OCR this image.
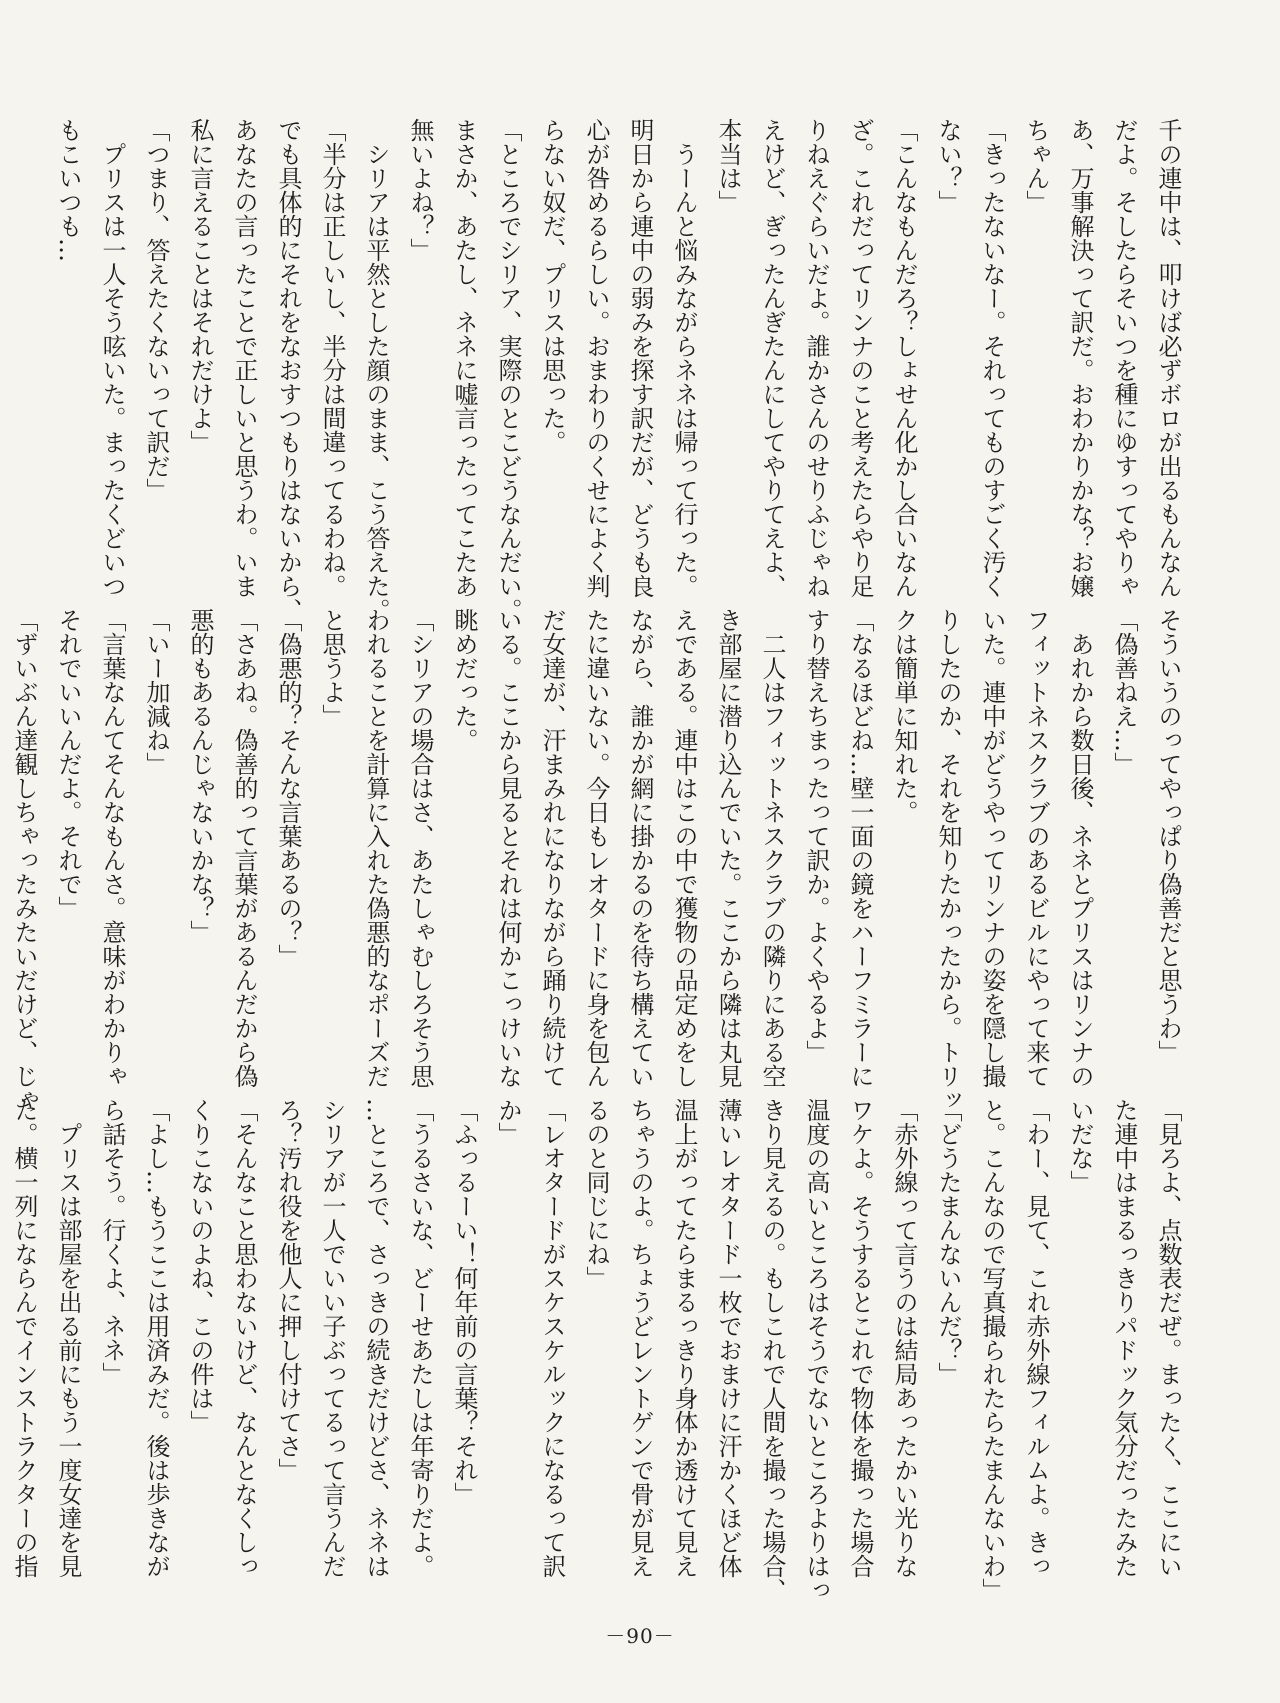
千の連中は、叩けば必ずボロが出るもんなん

だよ。そしたらそいつを種にゆすってやりゃ

あ、万事解決って訳だ。おわかりかな？お嬢

ちゃん」

「きったないなー。それってものすごく汚く

ない？」

「こんなもんだろ？しょせん化かし合いなん

ざ。これだってリンナのこと考えたらやり足

りねえぐらいだよ。誰かさんのせりふじゃね

えけど、ぎったんぎたんにしてやりてえよ、

本当は」

　うーんと悩みながらネネは帰って行った。

明日から連中の弱みを探す訳だが、どうも良

心が咎めるらしい。おまわりのくせによく判

らない奴だ、プリスは思った。

「ところでシリア、実際のとこどうなんだい。

まさか、あたし、ネネに嘘言ったってこたあ

無いよね？」

　シリアは平然とした顔のまま、こう答えた。

「半分は正しいし、半分は間違ってるわね。

でも具体的にそれをなおすつもりはないから、

あなたの言ったことで正しいと思うわ。いま

私に言えることはそれだけよ」

「つまり、答えたくないって訳だ」

　プリスは一人そう呟いた。まったくどいつ

もこいつも…

そういうのってやっぱり偽善だと思うわ」

「偽善ねえ…」

　あれから数日後、ネネとプリスはリンナの

フィットネスクラブのあるビルにやって来て

いた。連中がどうやってリンナの姿を隠し撮

りしたのか、それを知りたかったから。トリッ

クは簡単に知れた。

「なるほどね…壁一面の鏡をハーフミラーに

すり替えちまったって訳か。よくやるよ」

　二人はフィットネスクラブの隣りにある空

き部屋に潜り込んでいた。ここから隣は丸見

えである。連中はこの中で獲物の品定めをし

ながら、誰かが網に掛かるのを待ち構えてい

たに違いない。今日もレオタードに身を包ん

だ女達が、汗まみれになりながら踊り続けて

いる。ここから見るとそれは何かこっけいな

眺めだった。

「シリアの場合はさ、あたしゃむしろそう思

われることを計算に入れた偽悪的なポーズだ

と思うよ」

「偽悪的？そんな言葉あるの？」

「さあね。偽善的って言葉があるんだから偽

悪的もあるんじゃないかな？」

「いー加減ね」

「言葉なんてそんなもんさ。意味がわかりゃ

それでいいんだよ。それで」

「ずいぶん達観しちゃったみたいだけど、じゃ

「見ろよ、点数表だぜ。まったく、ここにい

た連中はまるっきりパドック気分だったみた

いだな」

「わー、見て、これ赤外線フィルムよ。きっ

と。こんなので写真撮られたらたまんないわ」

「どうたまんないんだ？」

「赤外線って言うのは結局あったかい光りな

ワケよ。そうするとこれで物体を撮った場合

温度の高いところはそうでないところよりはっ

きり見えるの。もしこれで人間を撮った場合、

薄いレオタード一枚でおまけに汗かくほど体

温上がってたらまるっきり身体か透けて見え

ちゃうのよ。ちょうどレントゲンで骨が見え

るのと同じにね」

「レオタードがスケスケルックになるって訳

か」

「ふっるーい！何年前の言葉？それ」

「うるさいな、どーせあたしは年寄りだよ。

…ところで、さっきの続きだけどさ、ネネは

シリアが一人でいい子ぶってるって言うんだ

ろ？汚れ役を他人に押し付けてさ」

「そんなこと思わないけど、なんとなくしっ

くりこないのよね、この件は」

「よし…もうここは用済みだ。後は歩きなが

ら話そう。行くよ、ネネ」

　プリスは部屋を出る前にもう一度女達を見

た。横一列にならんでインストラクターの指

－90－
